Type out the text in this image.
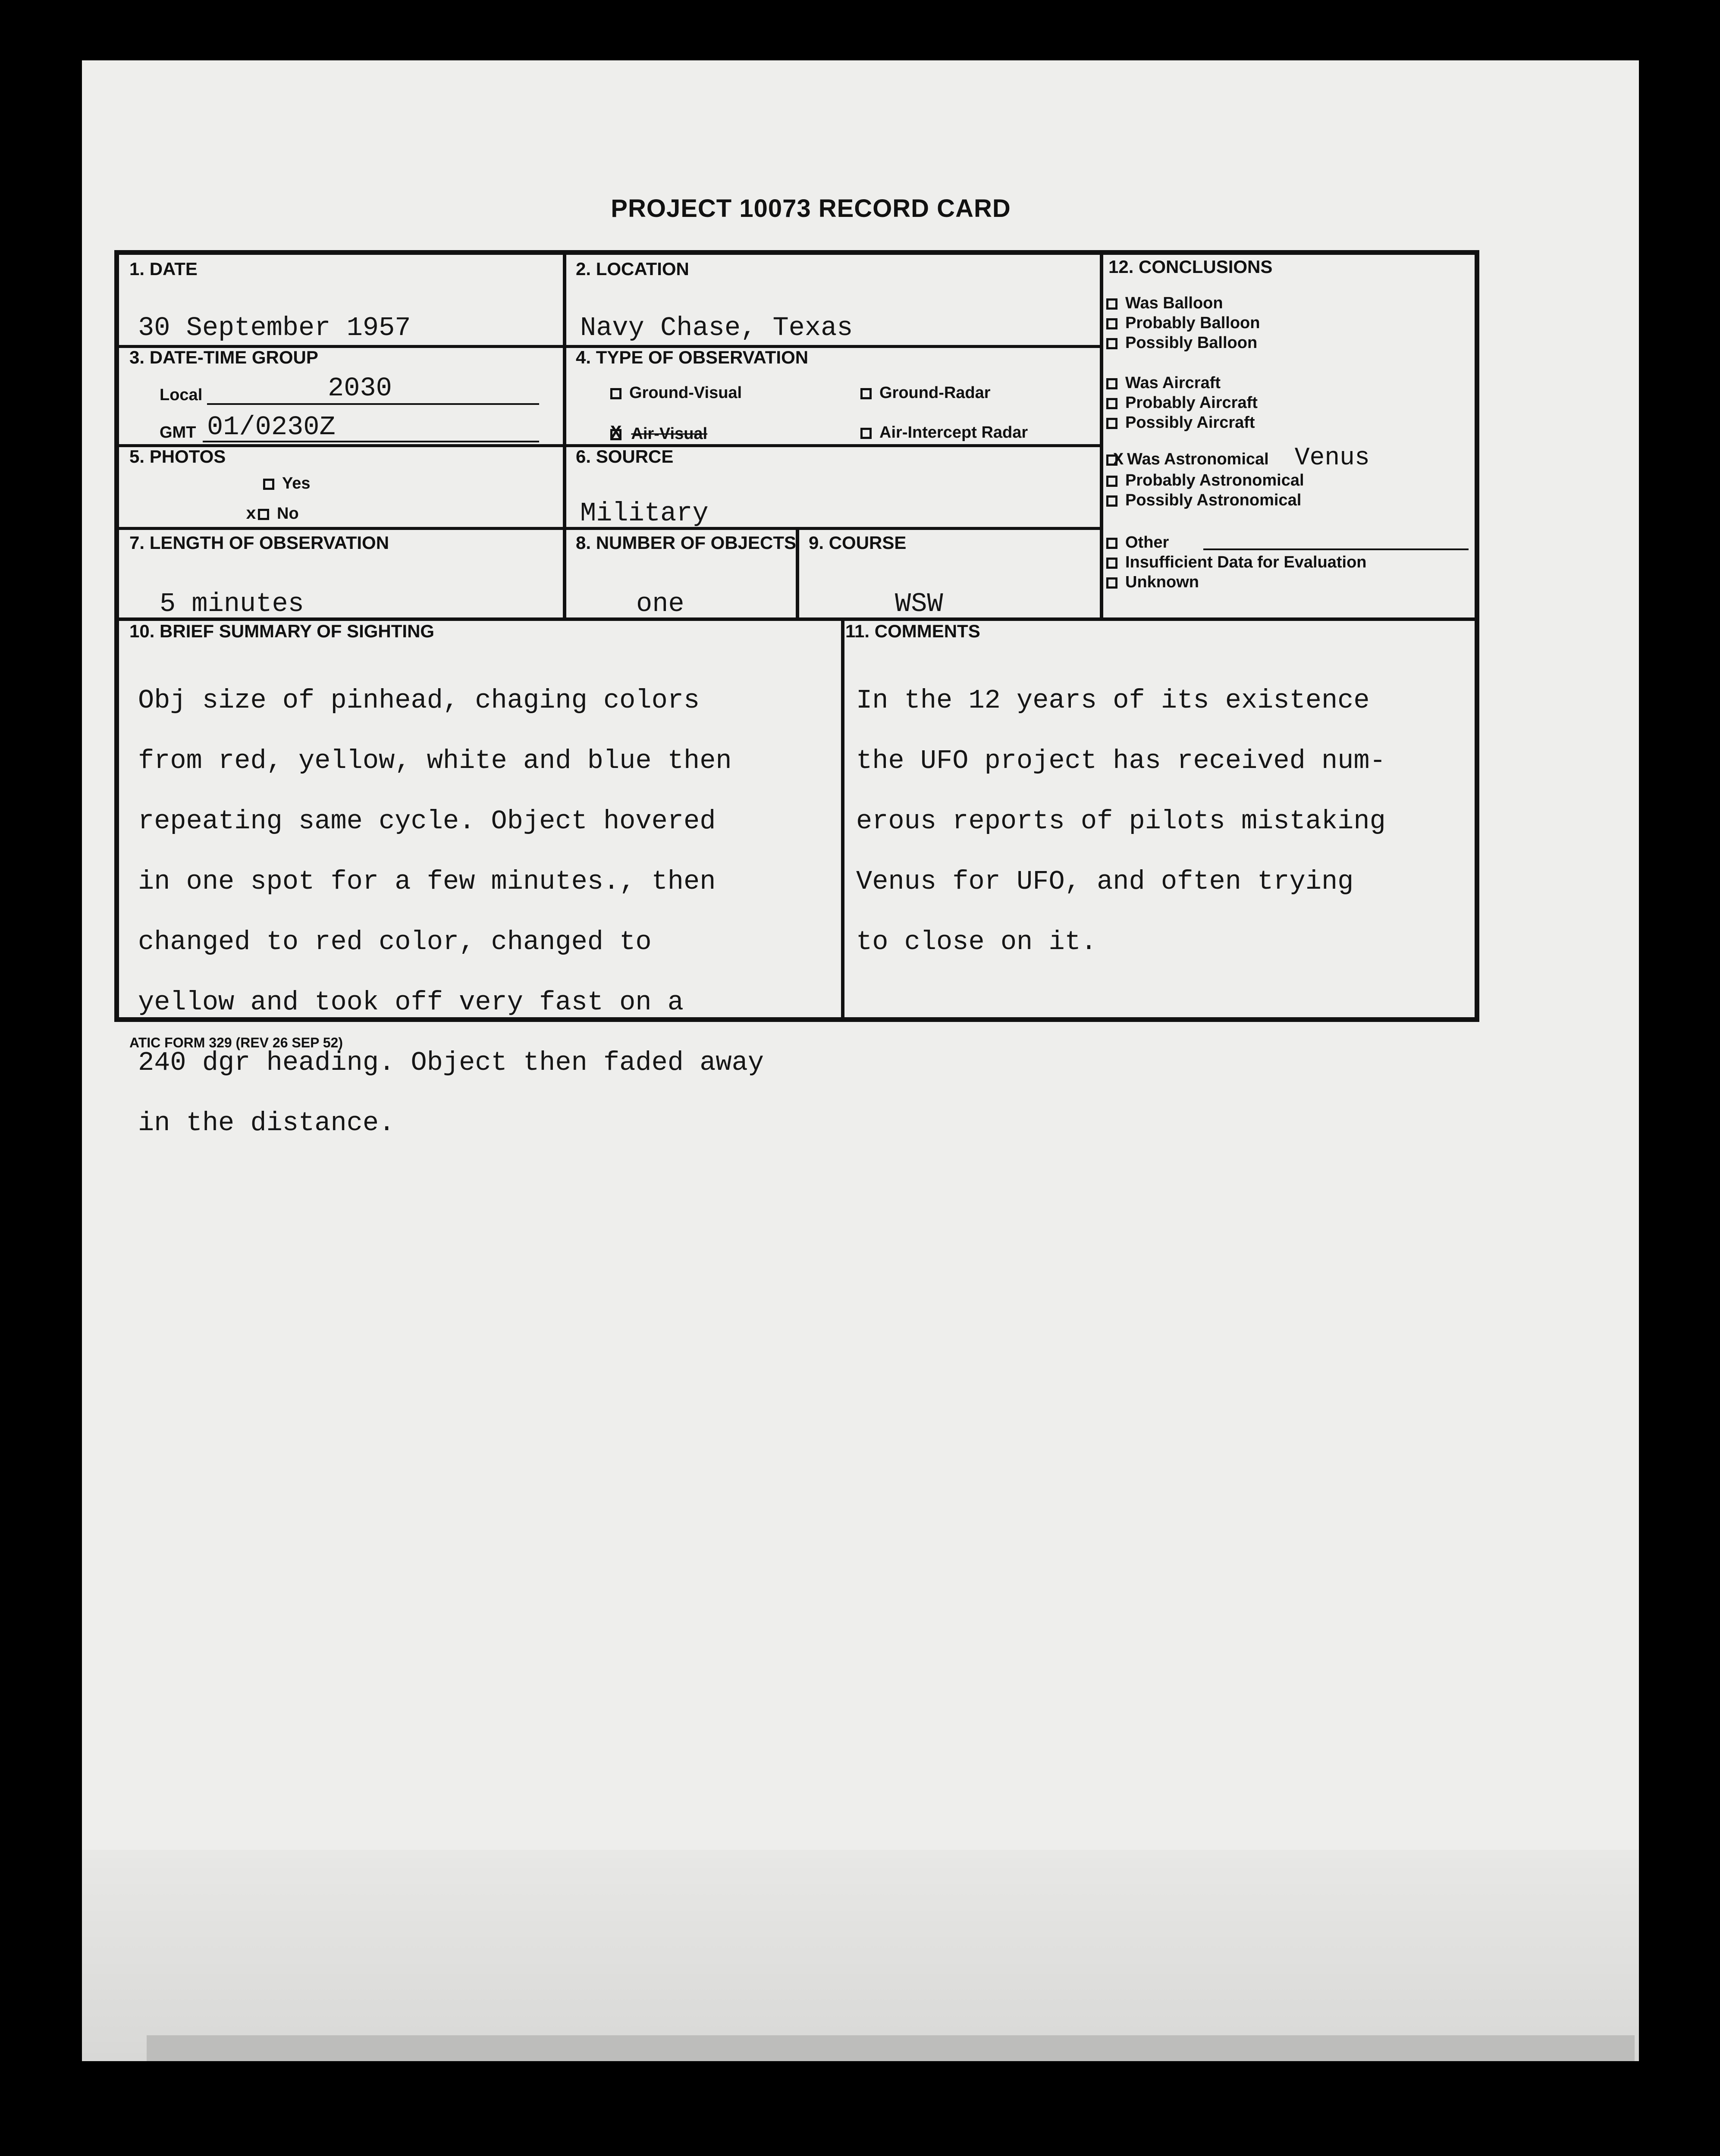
PROJECT 10073 RECORD CARD
1. DATE
30 September 1957
2. LOCATION
Navy Chase, Texas
3. DATE-TIME GROUP
Local	2030
GMT 01/0230Z
4. TYPE OF OBSERVATION
Ground-Visual	Ground-Radar
X Air-Visual	Air-Intercept Radar
5. PHOTOS
Yes
x No
6. SOURCE
Military
7. LENGTH OF OBSERVATION
5 minutes
8. NUMBER OF OBJECTS
one
9. COURSE
WSW
10. BRIEF SUMMARY OF SIGHTING

Obj size of pinhead, chaging colors

from red, yellow, white and blue then

repeating same cycle. Object hovered

in one spot for a few minutes., then

changed to red color, changed to

yellow and took off very fast on a

240 dgr heading. Object then faded away

in the distance.

11. COMMENTS

In the 12 years of its existence

the UFO project has received num-

erous reports of pilots mistaking

Venus for UFO, and often trying

to close on it.

12. CONCLUSIONS
Was Balloon
Probably Balloon
Possibly Balloon
Was Aircraft
Probably Aircraft
Possibly Aircraft
X Was Astronomical Venus
Probably Astronomical
Possibly Astronomical
Other
Insufficient Data for Evaluation
Unknown
ATIC FORM 329 (REV 26 SEP 52)
